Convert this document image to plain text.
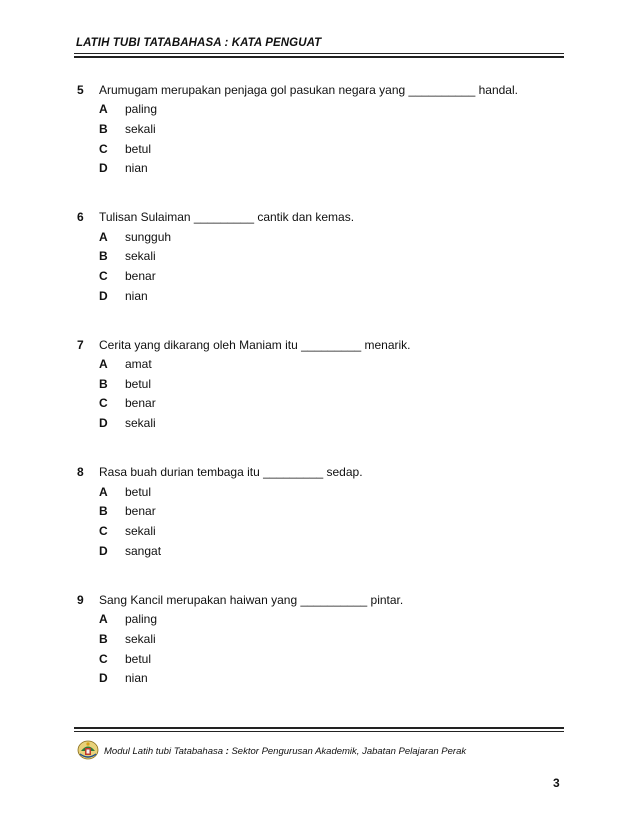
LATIH TUBI TATABAHASA : KATA PENGUAT
5 Arumugam merupakan penjaga gol pasukan negara yang __________ handal.
A paling
B sekali
C betul
D nian
6 Tulisan Sulaiman _________ cantik dan kemas.
A sungguh
B sekali
C benar
D nian
7 Cerita yang dikarang oleh Maniam itu _________ menarik.
A amat
B betul
C benar
D sekali
8 Rasa buah durian tembaga itu _________ sedap.
A betul
B benar
C sekali
D sangat
9 Sang Kancil merupakan haiwan yang __________ pintar.
A paling
B sekali
C betul
D nian
Modul Latih tubi Tatabahasa : Sektor Pengurusan Akademik, Jabatan Pelajaran Perak
3
